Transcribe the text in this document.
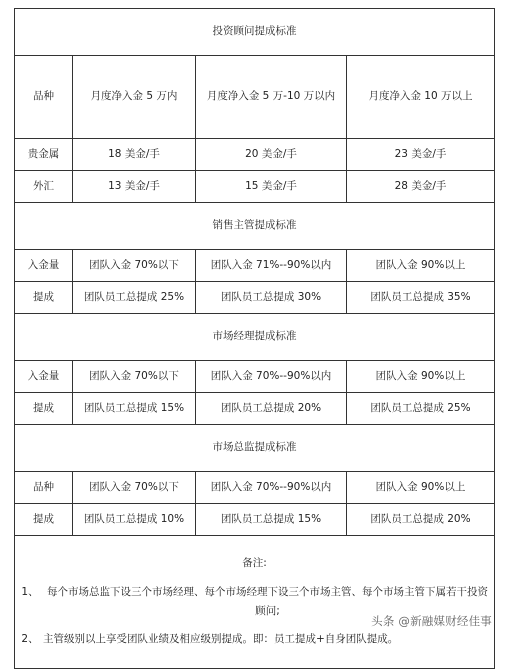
投资顾问提成标准			
品种	月度净入金 5 万内	月度净入金 5 万-10 万以内	月度净入金 10 万以上
贵金属	18 美金/手	20 美金/手	23 美金/手
外汇	13 美金/手	15 美金/手	28 美金/手
销售主管提成标准			
入金量	团队入金 70%以下	团队入金 71%--90%以内	团队入金 90%以上
提成	团队员工总提成 25%	团队员工总提成 30%	团队员工总提成 35%
市场经理提成标准			
入金量	团队入金 70%以下	团队入金 70%--90%以内	团队入金 90%以上
提成	团队员工总提成 15%	团队员工总提成 20%	团队员工总提成 25%
市场总监提成标准			
品种	团队入金 70%以下	团队入金 70%--90%以内	团队入金 90%以上
提成	团队员工总提成 10%	团队员工总提成 15%	团队员工总提成 20%

备注:
1、 每个市场总监下设三个市场经理、每个市场经理下设三个市场主管、每个市场主管下属若干投资顾问;
2、 主管级别以上享受团队业绩及相应级别提成。即：员工提成+自身团队提成。			
头条 @新融媒财经佳事
